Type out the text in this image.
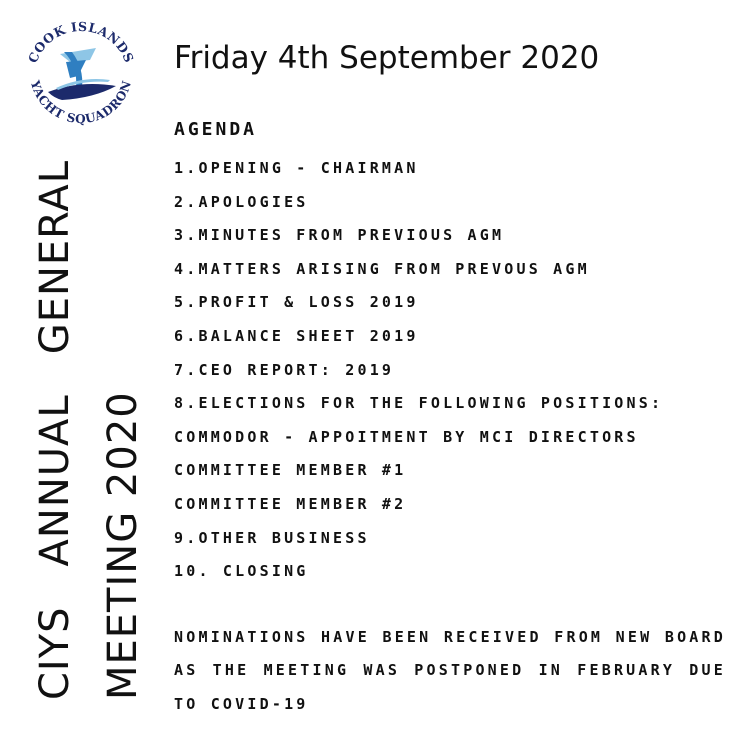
COOK ISLANDS
YACHT SQUADRON
CIYS
ANNUAL
GENERAL
MEETING 2020
Friday 4th September 2020
AGENDA
1.OPENING - CHAIRMAN
2.APOLOGIES
3.MINUTES FROM PREVIOUS AGM
4.MATTERS ARISING FROM PREVOUS AGM
5.PROFIT & LOSS 2019
6.BALANCE SHEET 2019
7.CEO REPORT: 2019
8.ELECTIONS FOR THE FOLLOWING POSITIONS:
COMMODOR - APPOITMENT BY MCI DIRECTORS
COMMITTEE MEMBER #1
COMMITTEE MEMBER #2
9.OTHER BUSINESS
10. CLOSING
NOMINATIONS HAVE BEEN RECEIVED FROM NEW BOARD AS THE MEETING WAS POSTPONED IN FEBRUARY DUE TO COVID-19
